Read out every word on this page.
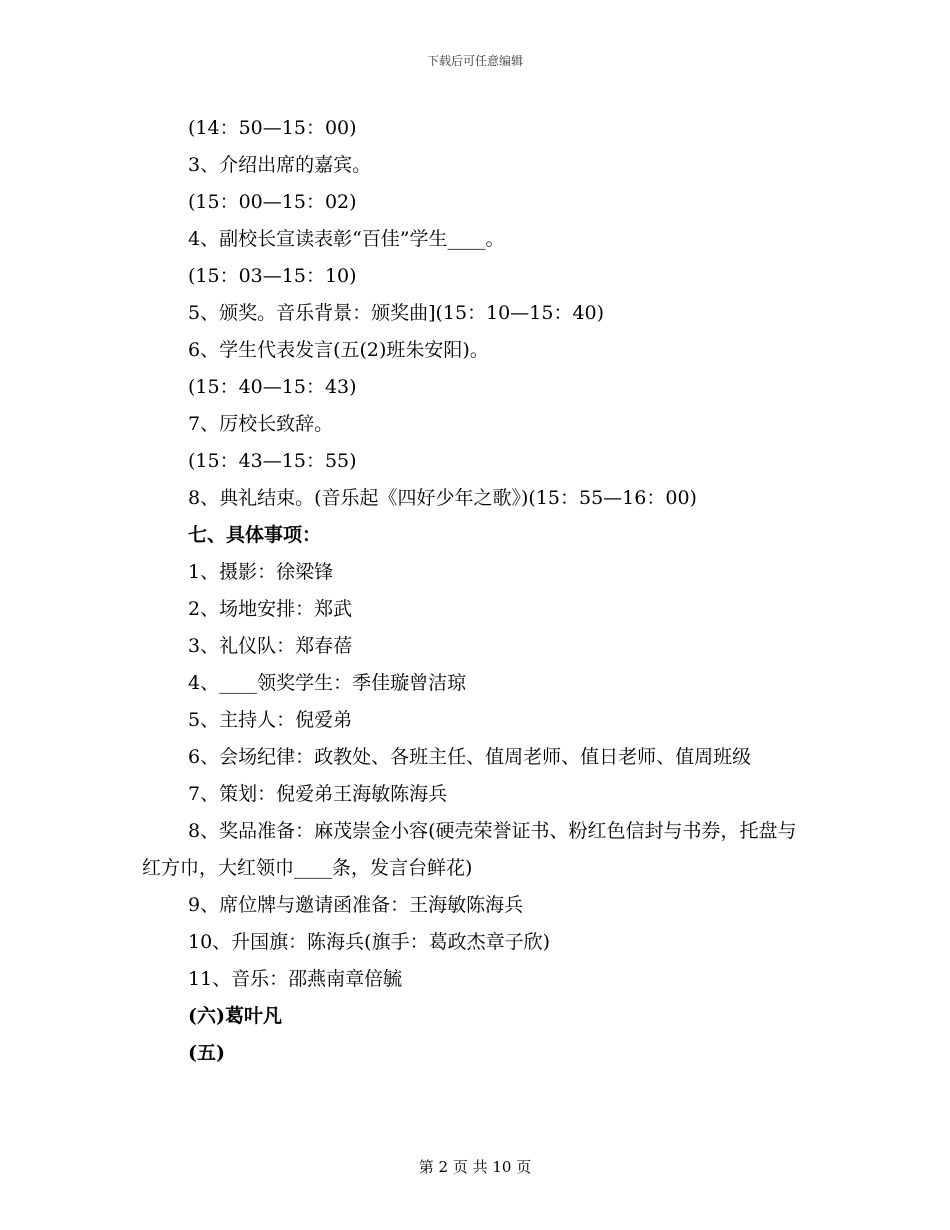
下载后可任意编辑
(14：50—15：00)
3、介绍出席的嘉宾。
(15：00—15：02)
4、副校长宣读表彰“百佳”学生____。
(15：03—15：10)
5、颁奖。音乐背景：颁奖曲](15：10—15：40)
6、学生代表发言(五(2)班朱安阳)。
(15：40—15：43)
7、厉校长致辞。
(15：43—15：55)
8、典礼结束。(音乐起《四好少年之歌》)(15：55—16：00)
七、具体事项：
1、摄影：徐梁锋
2、场地安排：郑武
3、礼仪队：郑春蓓
4、____领奖学生：季佳璇曾洁琼
5、主持人：倪爱弟
6、会场纪律：政教处、各班主任、值周老师、值日老师、值周班级
7、策划：倪爱弟王海敏陈海兵
8、奖品准备：麻茂崇金小容(硬壳荣誉证书、粉红色信封与书券，托盘与红方巾，大红领巾____条，发言台鲜花)
9、席位牌与邀请函准备：王海敏陈海兵
10、升国旗：陈海兵(旗手：葛政杰章子欣)
11、音乐：邵燕南章倍毓
(六)葛叶凡
(五)
第 2 页 共 10 页
